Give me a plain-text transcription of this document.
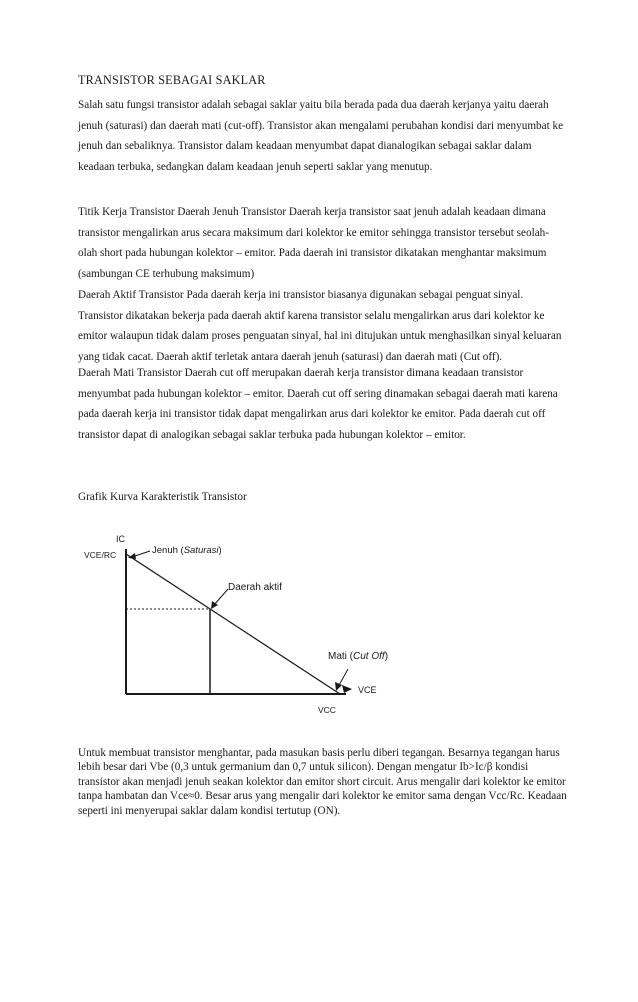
TRANSISTOR SEBAGAI SAKLAR
Salah satu fungsi transistor adalah sebagai saklar yaitu bila berada pada dua daerah kerjanya yaitu daerah jenuh (saturasi) dan daerah mati (cut-off). Transistor akan mengalami perubahan kondisi dari menyumbat ke jenuh dan sebaliknya. Transistor dalam keadaan menyumbat dapat dianalogikan sebagai saklar dalam keadaan terbuka, sedangkan dalam keadaan jenuh seperti saklar yang menutup.
Titik Kerja Transistor Daerah Jenuh Transistor Daerah kerja transistor saat jenuh adalah keadaan dimana transistor mengalirkan arus secara maksimum dari kolektor ke emitor sehingga transistor tersebut seolah-olah short pada hubungan kolektor – emitor. Pada daerah ini transistor dikatakan menghantar maksimum (sambungan CE terhubung maksimum)
Daerah Aktif Transistor Pada daerah kerja ini transistor biasanya digunakan sebagai penguat sinyal. Transistor dikatakan bekerja pada daerah aktif karena transistor selalu mengalirkan arus dari kolektor ke emitor walaupun tidak dalam proses penguatan sinyal, hal ini ditujukan untuk menghasilkan sinyal keluaran yang tidak cacat. Daerah aktif terletak antara daerah jenuh (saturasi) dan daerah mati (Cut off).
Daerah Mati Transistor Daerah cut off merupakan daerah kerja transistor dimana keadaan transistor menyumbat pada hubungan kolektor – emitor. Daerah cut off sering dinamakan sebagai daerah mati karena pada daerah kerja ini transistor tidak dapat mengalirkan arus dari kolektor ke emitor. Pada daerah cut off transistor dapat di analogikan sebagai saklar terbuka pada hubungan kolektor – emitor.
Grafik Kurva Karakteristik Transistor
IC
VCE/RC	Jenuh (Saturasi)
Daerah aktif
Mati (Cut Off)
VCE
VCC
Untuk membuat transistor menghantar, pada masukan basis perlu diberi tegangan. Besarnya tegangan harus lebih besar dari Vbe (0,3 untuk germanium dan 0,7 untuk silicon). Dengan mengatur Ib>Ic/β kondisi transistor akan menjadi jenuh seakan kolektor dan emitor short circuit. Arus mengalir dari kolektor ke emitor tanpa hambatan dan Vce≈0. Besar arus yang mengalir dari kolektor ke emitor sama dengan Vcc/Rc. Keadaan seperti ini menyerupai saklar dalam kondisi tertutup (ON).
